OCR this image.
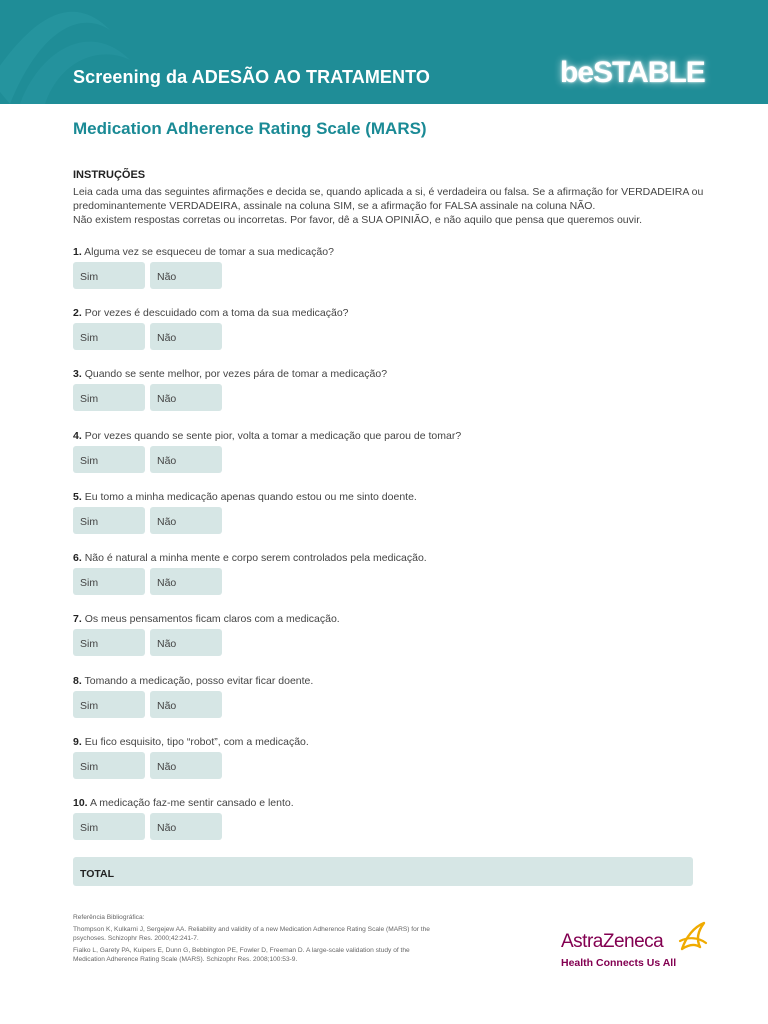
Screening da ADESÃO AO TRATAMENTO	beSTABLE
Medication Adherence Rating Scale (MARS)
INSTRUÇÕES

Leia cada uma das seguintes afirmações e decida se, quando aplicada a si, é verdadeira ou falsa. Se a afirmação for VERDADEIRA ou predominantemente VERDADEIRA, assinale na coluna SIM, se a afirmação for FALSA assinale na coluna NÃO.

Não existem respostas corretas ou incorretas. Por favor, dê a SUA OPINIÃO, e não aquilo que pensa que queremos ouvir.

1. Alguma vez se esqueceu de tomar a sua medicação?
Sim	Não
2. Por vezes é descuidado com a toma da sua medicação?
Sim	Não
3. Quando se sente melhor, por vezes pára de tomar a medicação?
Sim	Não
4. Por vezes quando se sente pior, volta a tomar a medicação que parou de tomar?
Sim	Não
5. Eu tomo a minha medicação apenas quando estou ou me sinto doente.
Sim	Não
6. Não é natural a minha mente e corpo serem controlados pela medicação.
Sim	Não
7. Os meus pensamentos ficam claros com a medicação.
Sim	Não
8. Tomando a medicação, posso evitar ficar doente.
Sim	Não
9. Eu fico esquisito, tipo “robot”, com a medicação.
Sim	Não
10. A medicação faz-me sentir cansado e lento.
Sim	Não
TOTAL

Referência Bibliográfica:

Thompson K, Kulkarni J, Sergejew AA. Reliability and validity of a new Medication Adherence Rating Scale (MARS) for the psychoses. Schizophr Res. 2000;42:241-7.

Fialko L, Garety PA, Kuipers E, Dunn G, Bebbington PE, Fowler D, Freeman D. A large-scale validation study of the Medication Adherence Rating Scale (MARS). Schizophr Res. 2008;100:53-9.

AstraZeneca
Health Connects Us All
